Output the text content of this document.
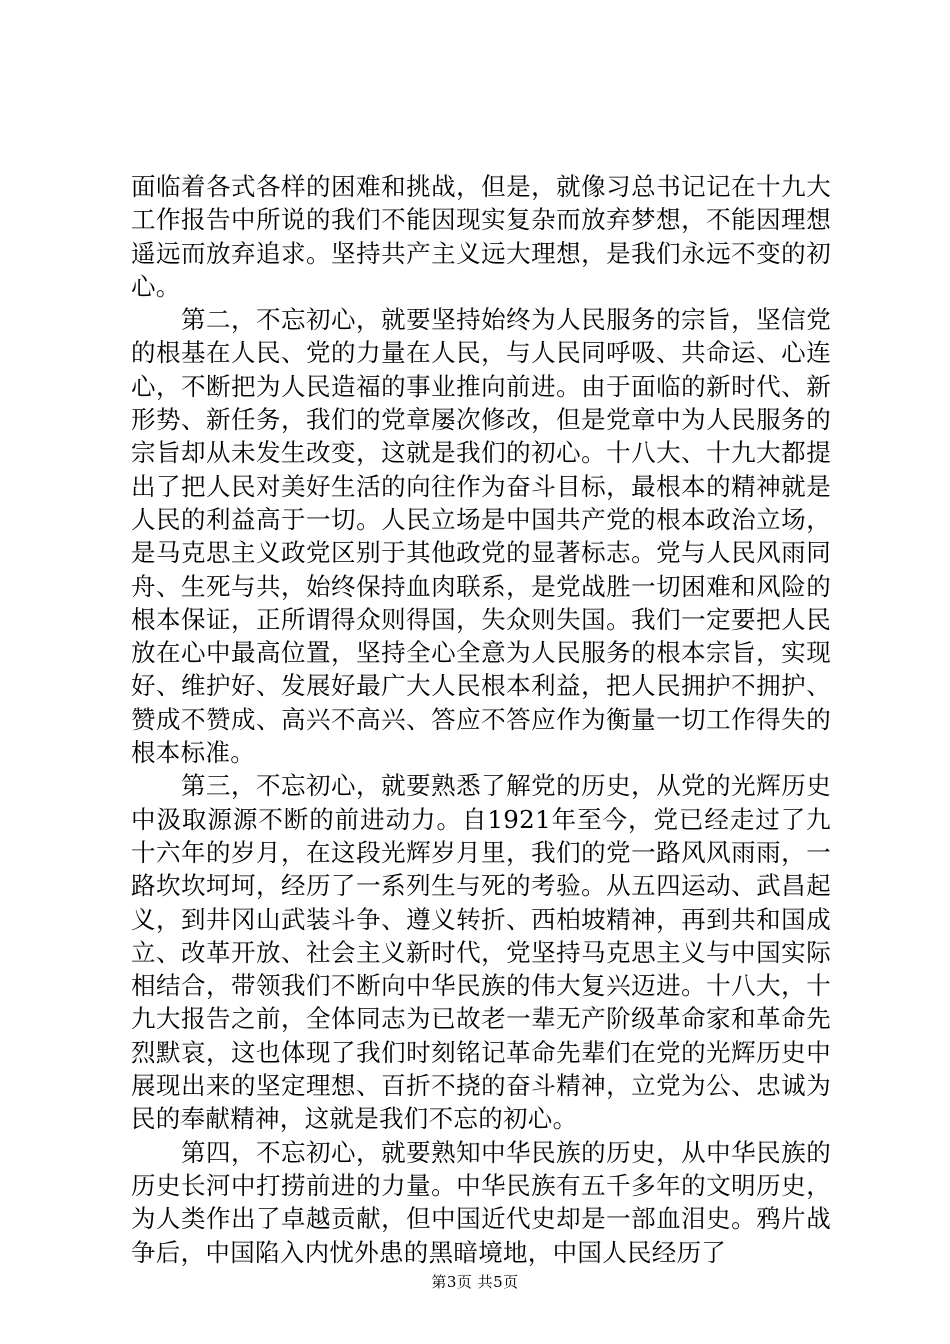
面临着各式各样的困难和挑战，但是，就像习总书记记在十九大工作报告中所说的我们不能因现实复杂而放弃梦想，不能因理想遥远而放弃追求。坚持共产主义远大理想，是我们永远不变的初心。

第二，不忘初心，就要坚持始终为人民服务的宗旨，坚信党的根基在人民、党的力量在人民，与人民同呼吸、共命运、心连心，不断把为人民造福的事业推向前进。由于面临的新时代、新形势、新任务，我们的党章屡次修改，但是党章中为人民服务的宗旨却从未发生改变，这就是我们的初心。十八大、十九大都提出了把人民对美好生活的向往作为奋斗目标，最根本的精神就是人民的利益高于一切。人民立场是中国共产党的根本政治立场，是马克思主义政党区别于其他政党的显著标志。党与人民风雨同舟、生死与共，始终保持血肉联系，是党战胜一切困难和风险的根本保证，正所谓得众则得国，失众则失国。我们一定要把人民放在心中最高位置，坚持全心全意为人民服务的根本宗旨，实现好、维护好、发展好最广大人民根本利益，把人民拥护不拥护、赞成不赞成、高兴不高兴、答应不答应作为衡量一切工作得失的根本标准。

第三，不忘初心，就要熟悉了解党的历史，从党的光辉历史中汲取源源不断的前进动力。自1921年至今，党已经走过了九十六年的岁月，在这段光辉岁月里，我们的党一路风风雨雨，一路坎坎坷坷，经历了一系列生与死的考验。从五四运动、武昌起义，到井冈山武装斗争、遵义转折、西柏坡精神，再到共和国成立、改革开放、社会主义新时代，党坚持马克思主义与中国实际相结合，带领我们不断向中华民族的伟大复兴迈进。十八大，十九大报告之前，全体同志为已故老一辈无产阶级革命家和革命先烈默哀，这也体现了我们时刻铭记革命先辈们在党的光辉历史中展现出来的坚定理想、百折不挠的奋斗精神，立党为公、忠诚为民的奉献精神，这就是我们不忘的初心。

第四，不忘初心，就要熟知中华民族的历史，从中华民族的历史长河中打捞前进的力量。中华民族有五千多年的文明历史，为人类作出了卓越贡献，但中国近代史却是一部血泪史。鸦片战争后，中国陷入内忧外患的黑暗境地，中国人民经历了

第3页 共5页
